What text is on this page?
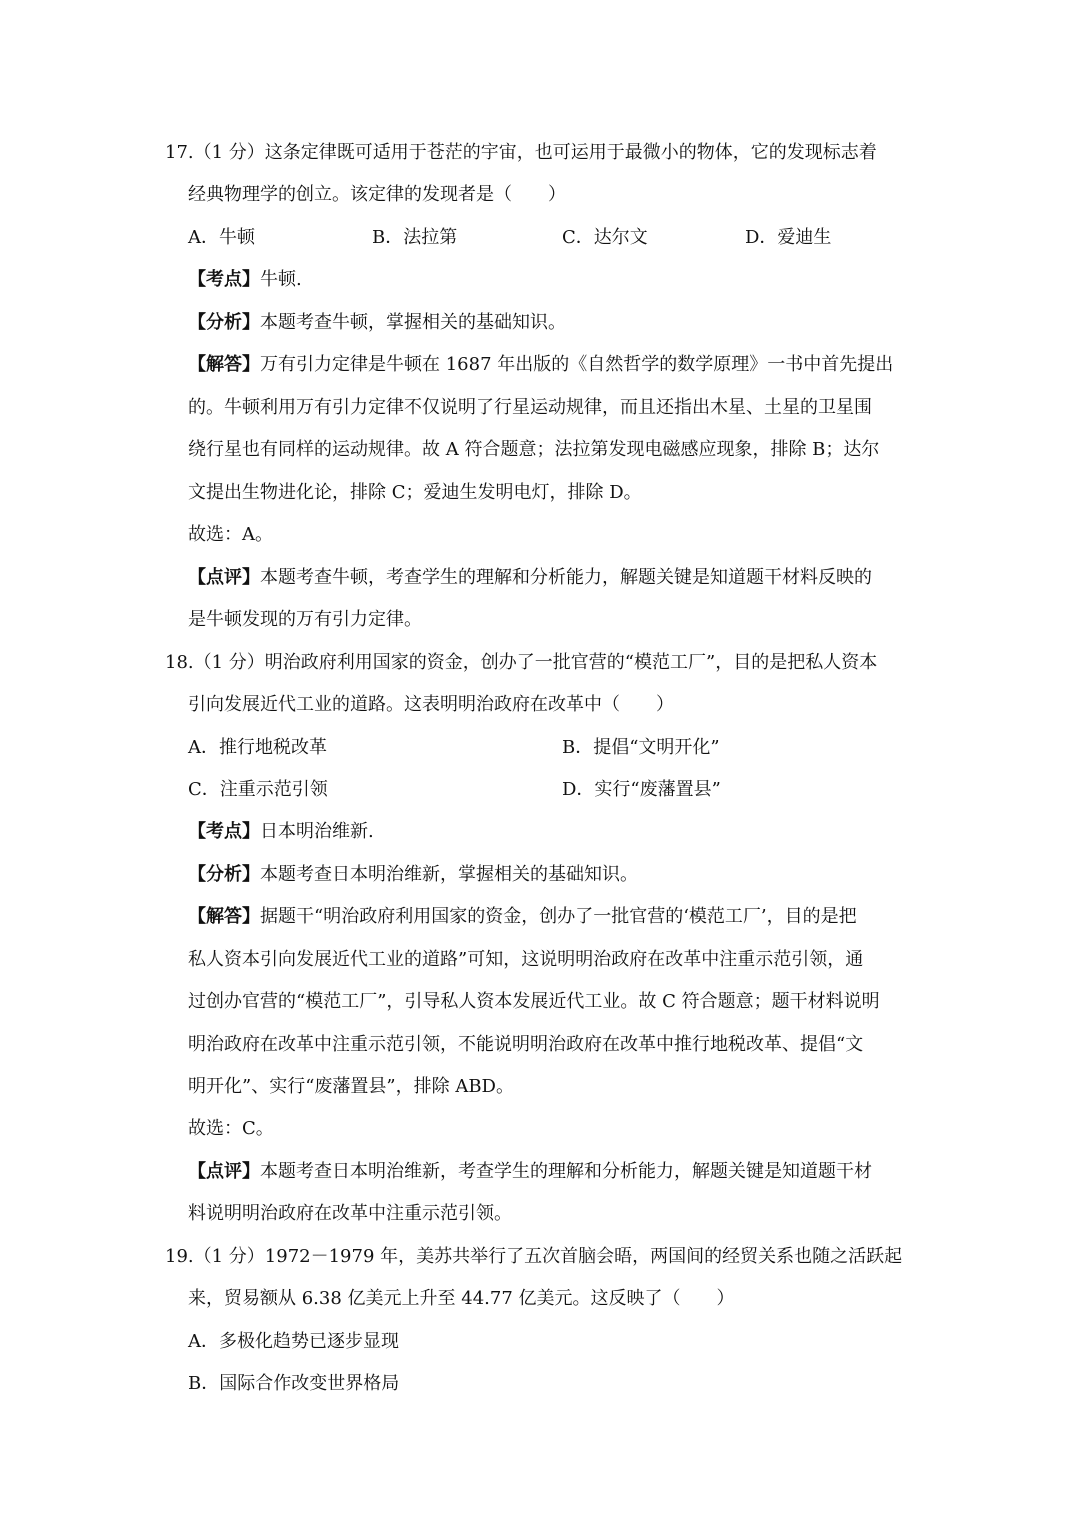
17.（1 分）这条定律既可适用于苍茫的宇宙，也可运用于最微小的物体，它的发现标志着
经典物理学的创立。该定律的发现者是（　　）
A．牛顿	B．法拉第	C．达尔文	D．爱迪生
【考点】牛顿.
【分析】本题考查牛顿，掌握相关的基础知识。
【解答】万有引力定律是牛顿在 1687 年出版的《自然哲学的数学原理》一书中首先提出
的。牛顿利用万有引力定律不仅说明了行星运动规律，而且还指出木星、土星的卫星围
绕行星也有同样的运动规律。故 A 符合题意；法拉第发现电磁感应现象，排除 B；达尔
文提出生物进化论，排除 C；爱迪生发明电灯，排除 D。
故选：A。
【点评】本题考查牛顿，考查学生的理解和分析能力，解题关键是知道题干材料反映的
是牛顿发现的万有引力定律。
18.（1 分）明治政府利用国家的资金，创办了一批官营的“模范工厂”，目的是把私人资本
引向发展近代工业的道路。这表明明治政府在改革中（　　）
A．推行地税改革	B．提倡“文明开化”
C．注重示范引领	D．实行“废藩置县”
【考点】日本明治维新.
【分析】本题考查日本明治维新，掌握相关的基础知识。
【解答】据题干“明治政府利用国家的资金，创办了一批官营的‘模范工厂’，目的是把
私人资本引向发展近代工业的道路”可知，这说明明治政府在改革中注重示范引领，通
过创办官营的“模范工厂”，引导私人资本发展近代工业。故 C 符合题意；题干材料说明
明治政府在改革中注重示范引领，不能说明明治政府在改革中推行地税改革、提倡“文
明开化”、实行“废藩置县”，排除 ABD。
故选：C。
【点评】本题考查日本明治维新，考查学生的理解和分析能力，解题关键是知道题干材
料说明明治政府在改革中注重示范引领。
19.（1 分）1972－1979 年，美苏共举行了五次首脑会晤，两国间的经贸关系也随之活跃起
来，贸易额从 6.38 亿美元上升至 44.77 亿美元。这反映了（　　）
A．多极化趋势已逐步显现
B．国际合作改变世界格局
